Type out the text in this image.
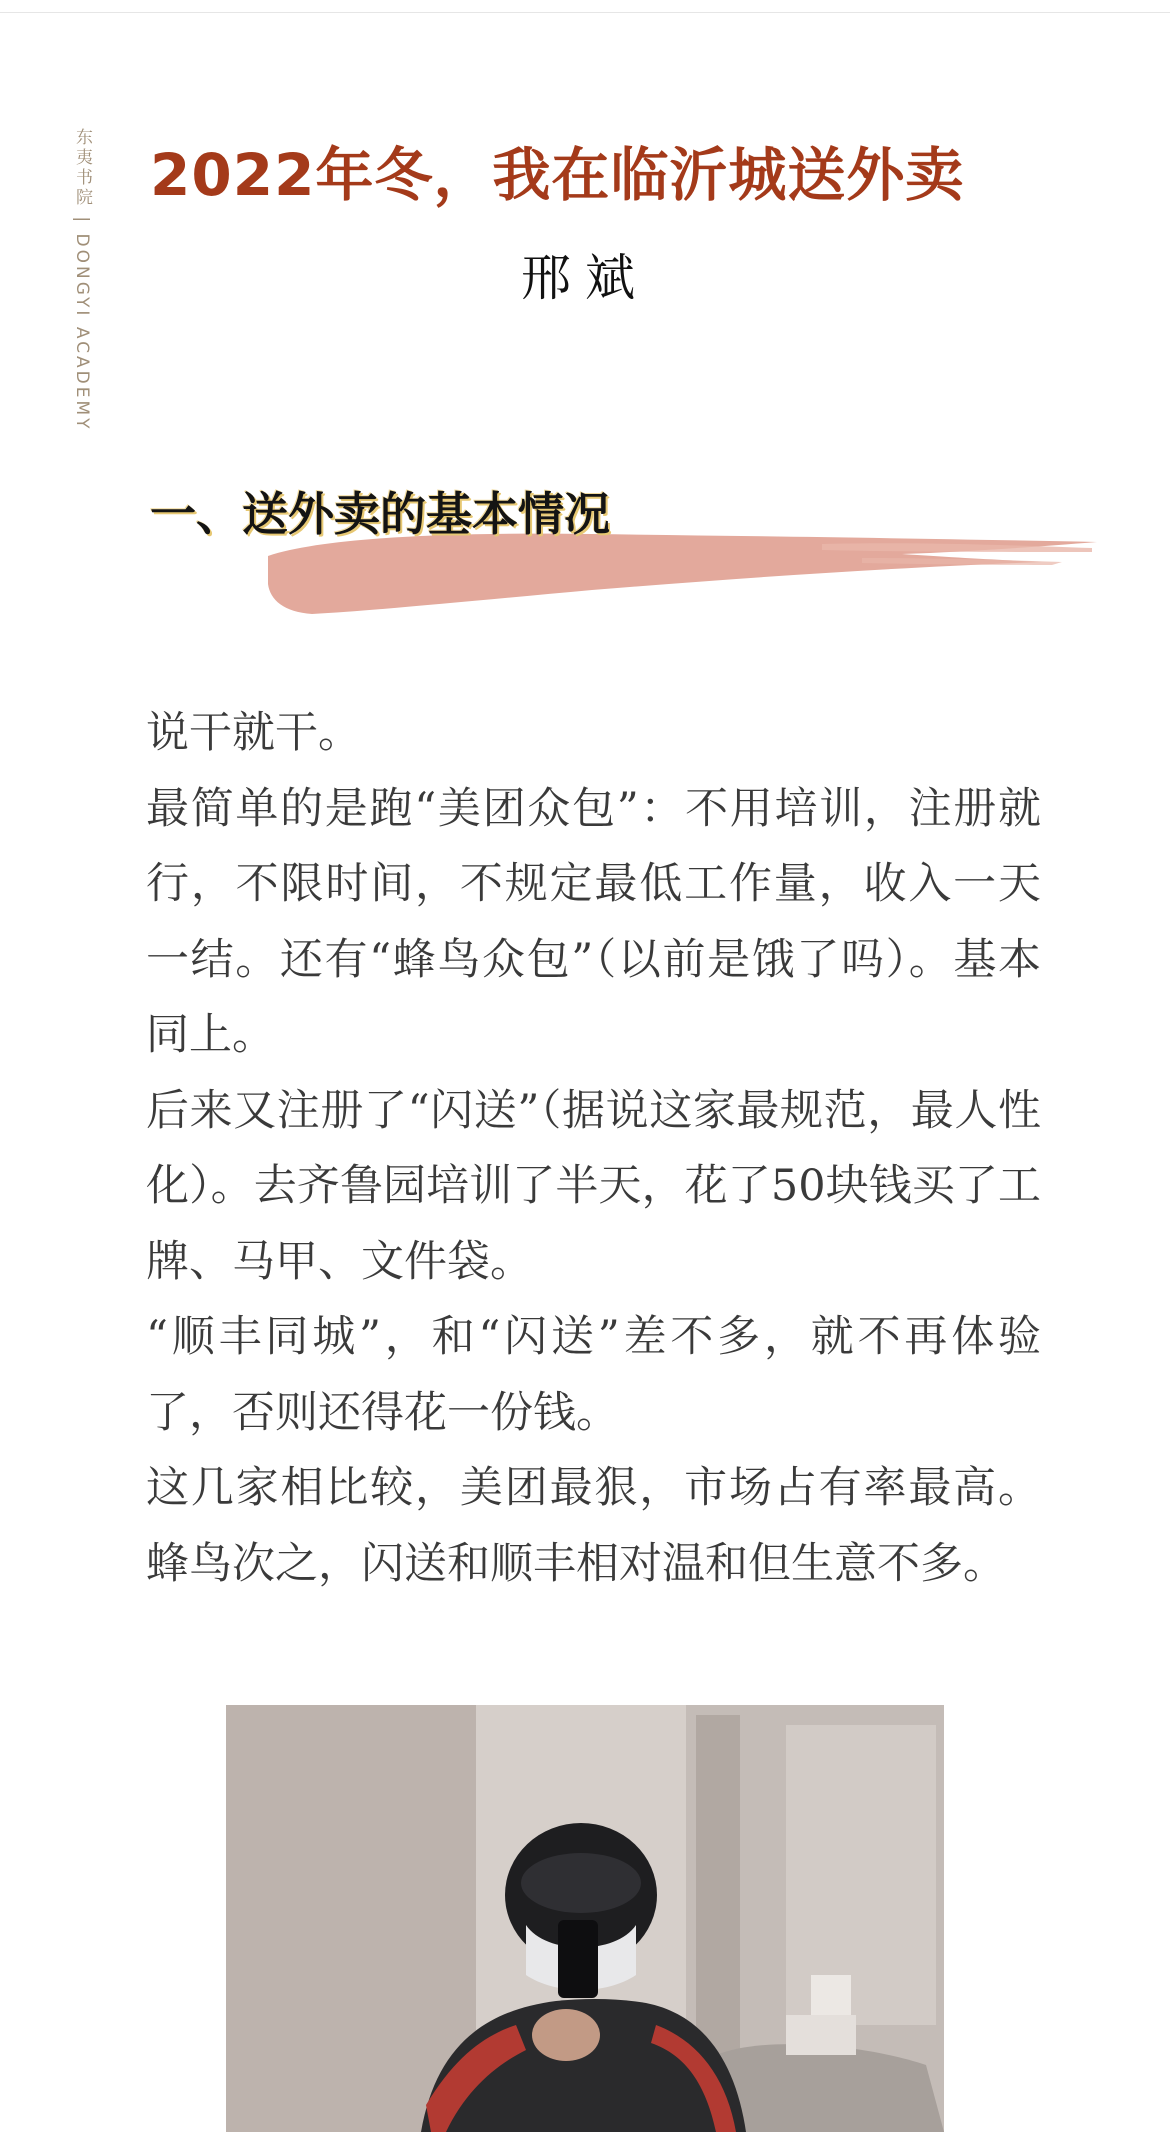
东夷书院 | DONGYI ACADEMY 2022年冬，我在临沂城送外卖
邢斌
一、送外卖的基本情况

说干就干。

最简单的是跑“美团众包”：不用培训，注册就行，不限时间，不规定最低工作量，收入一天一结。还有“蜂鸟众包”（以前是饿了吗）。基本同上。

后来又注册了“闪送”（据说这家最规范，最人性化）。去齐鲁园培训了半天，花了50块钱买了工牌、马甲、文件袋。

“顺丰同城”，和“闪送”差不多，就不再体验了，否则还得花一份钱。

这几家相比较，美团最狠，市场占有率最高。蜂鸟次之，闪送和顺丰相对温和但生意不多。
